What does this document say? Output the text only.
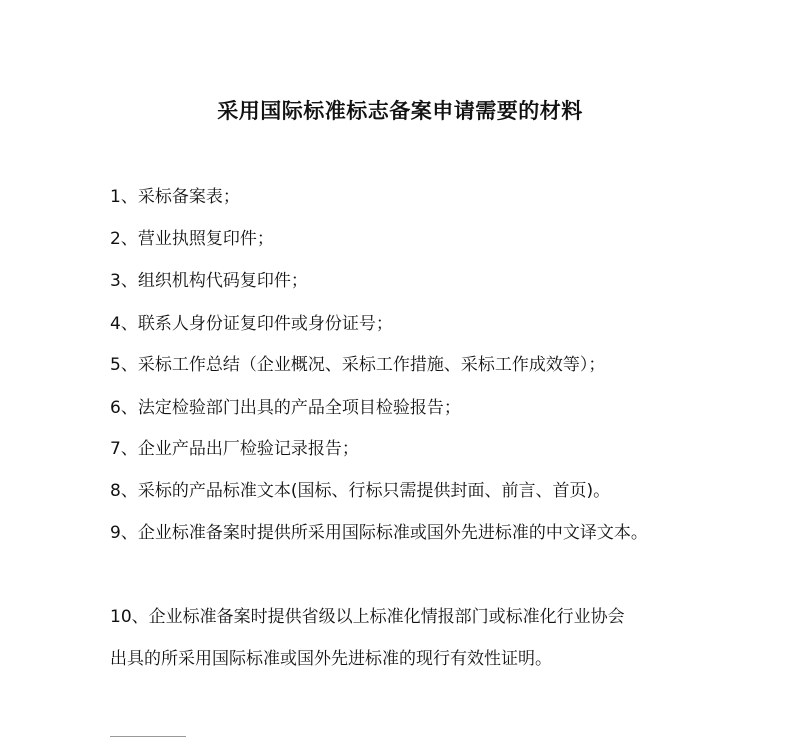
采用国际标准标志备案申请需要的材料
1、采标备案表；
2、营业执照复印件；
3、组织机构代码复印件；
4、联系人身份证复印件或身份证号；
5、采标工作总结（企业概况、采标工作措施、采标工作成效等）；
6、法定检验部门出具的产品全项目检验报告；
7、企业产品出厂检验记录报告；
8、采标的产品标准文本(国标、行标只需提供封面、前言、首页)。
9、企业标准备案时提供所采用国际标准或国外先进标准的中文译文本。
10、企业标准备案时提供省级以上标准化情报部门或标准化行业协会
出具的所采用国际标准或国外先进标准的现行有效性证明。
